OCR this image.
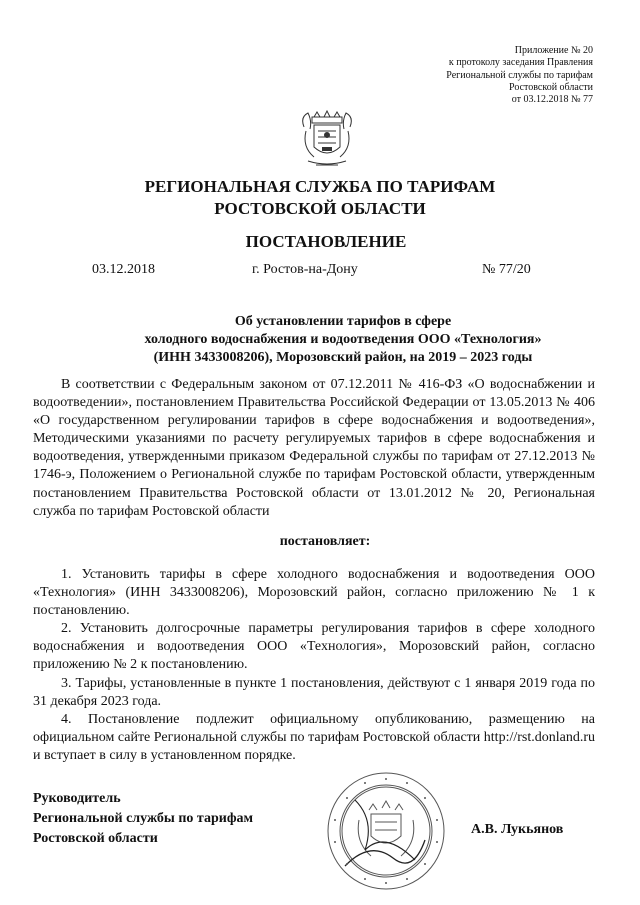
Приложение № 20
к протоколу заседания Правления
Региональной службы по тарифам
Ростовской области
от 03.12.2018 № 77
РЕГИОНАЛЬНАЯ СЛУЖБА ПО ТАРИФАМ
РОСТОВСКОЙ ОБЛАСТИ
ПОСТАНОВЛЕНИЕ
03.12.2018	г. Ростов-на-Дону	№ 77/20
Об установлении тарифов в сфере
холодного водоснабжения и водоотведения ООО «Технология»
(ИНН 3433008206), Морозовский район, на 2019 – 2023 годы

В соответствии с Федеральным законом от 07.12.2011 № 416-ФЗ «О водоснабжении и водоотведении», постановлением Правительства Российской Федерации от 13.05.2013 № 406 «О государственном регулировании тарифов в сфере водоснабжения и водоотведения», Методическими указаниями по расчету регулируемых тарифов в сфере водоснабжения и водоотведения, утвержденными приказом Федеральной службы по тарифам от 27.12.2013 № 1746-э, Положением о Региональной службе по тарифам Ростовской области, утвержденным постановлением Правительства Ростовской области от 13.01.2012 № 20, Региональная служба по тарифам Ростовской области

постановляет:

1. Установить тарифы в сфере холодного водоснабжения и водоотведения ООО «Технология» (ИНН 3433008206), Морозовский район, согласно приложению № 1 к постановлению.

2. Установить долгосрочные параметры регулирования тарифов в сфере холодного водоснабжения и водоотведения ООО «Технология», Морозовский район, согласно приложению № 2 к постановлению.

3. Тарифы, установленные в пункте 1 постановления, действуют с 1 января 2019 года по 31 декабря 2023 года.

4. Постановление подлежит официальному опубликованию, размещению на официальном сайте Региональной службы по тарифам Ростовской области http://rst.donland.ru и вступает в силу в установленном порядке.

Руководитель
Региональной службы по тарифам
Ростовской области
А.В. Лукьянов
